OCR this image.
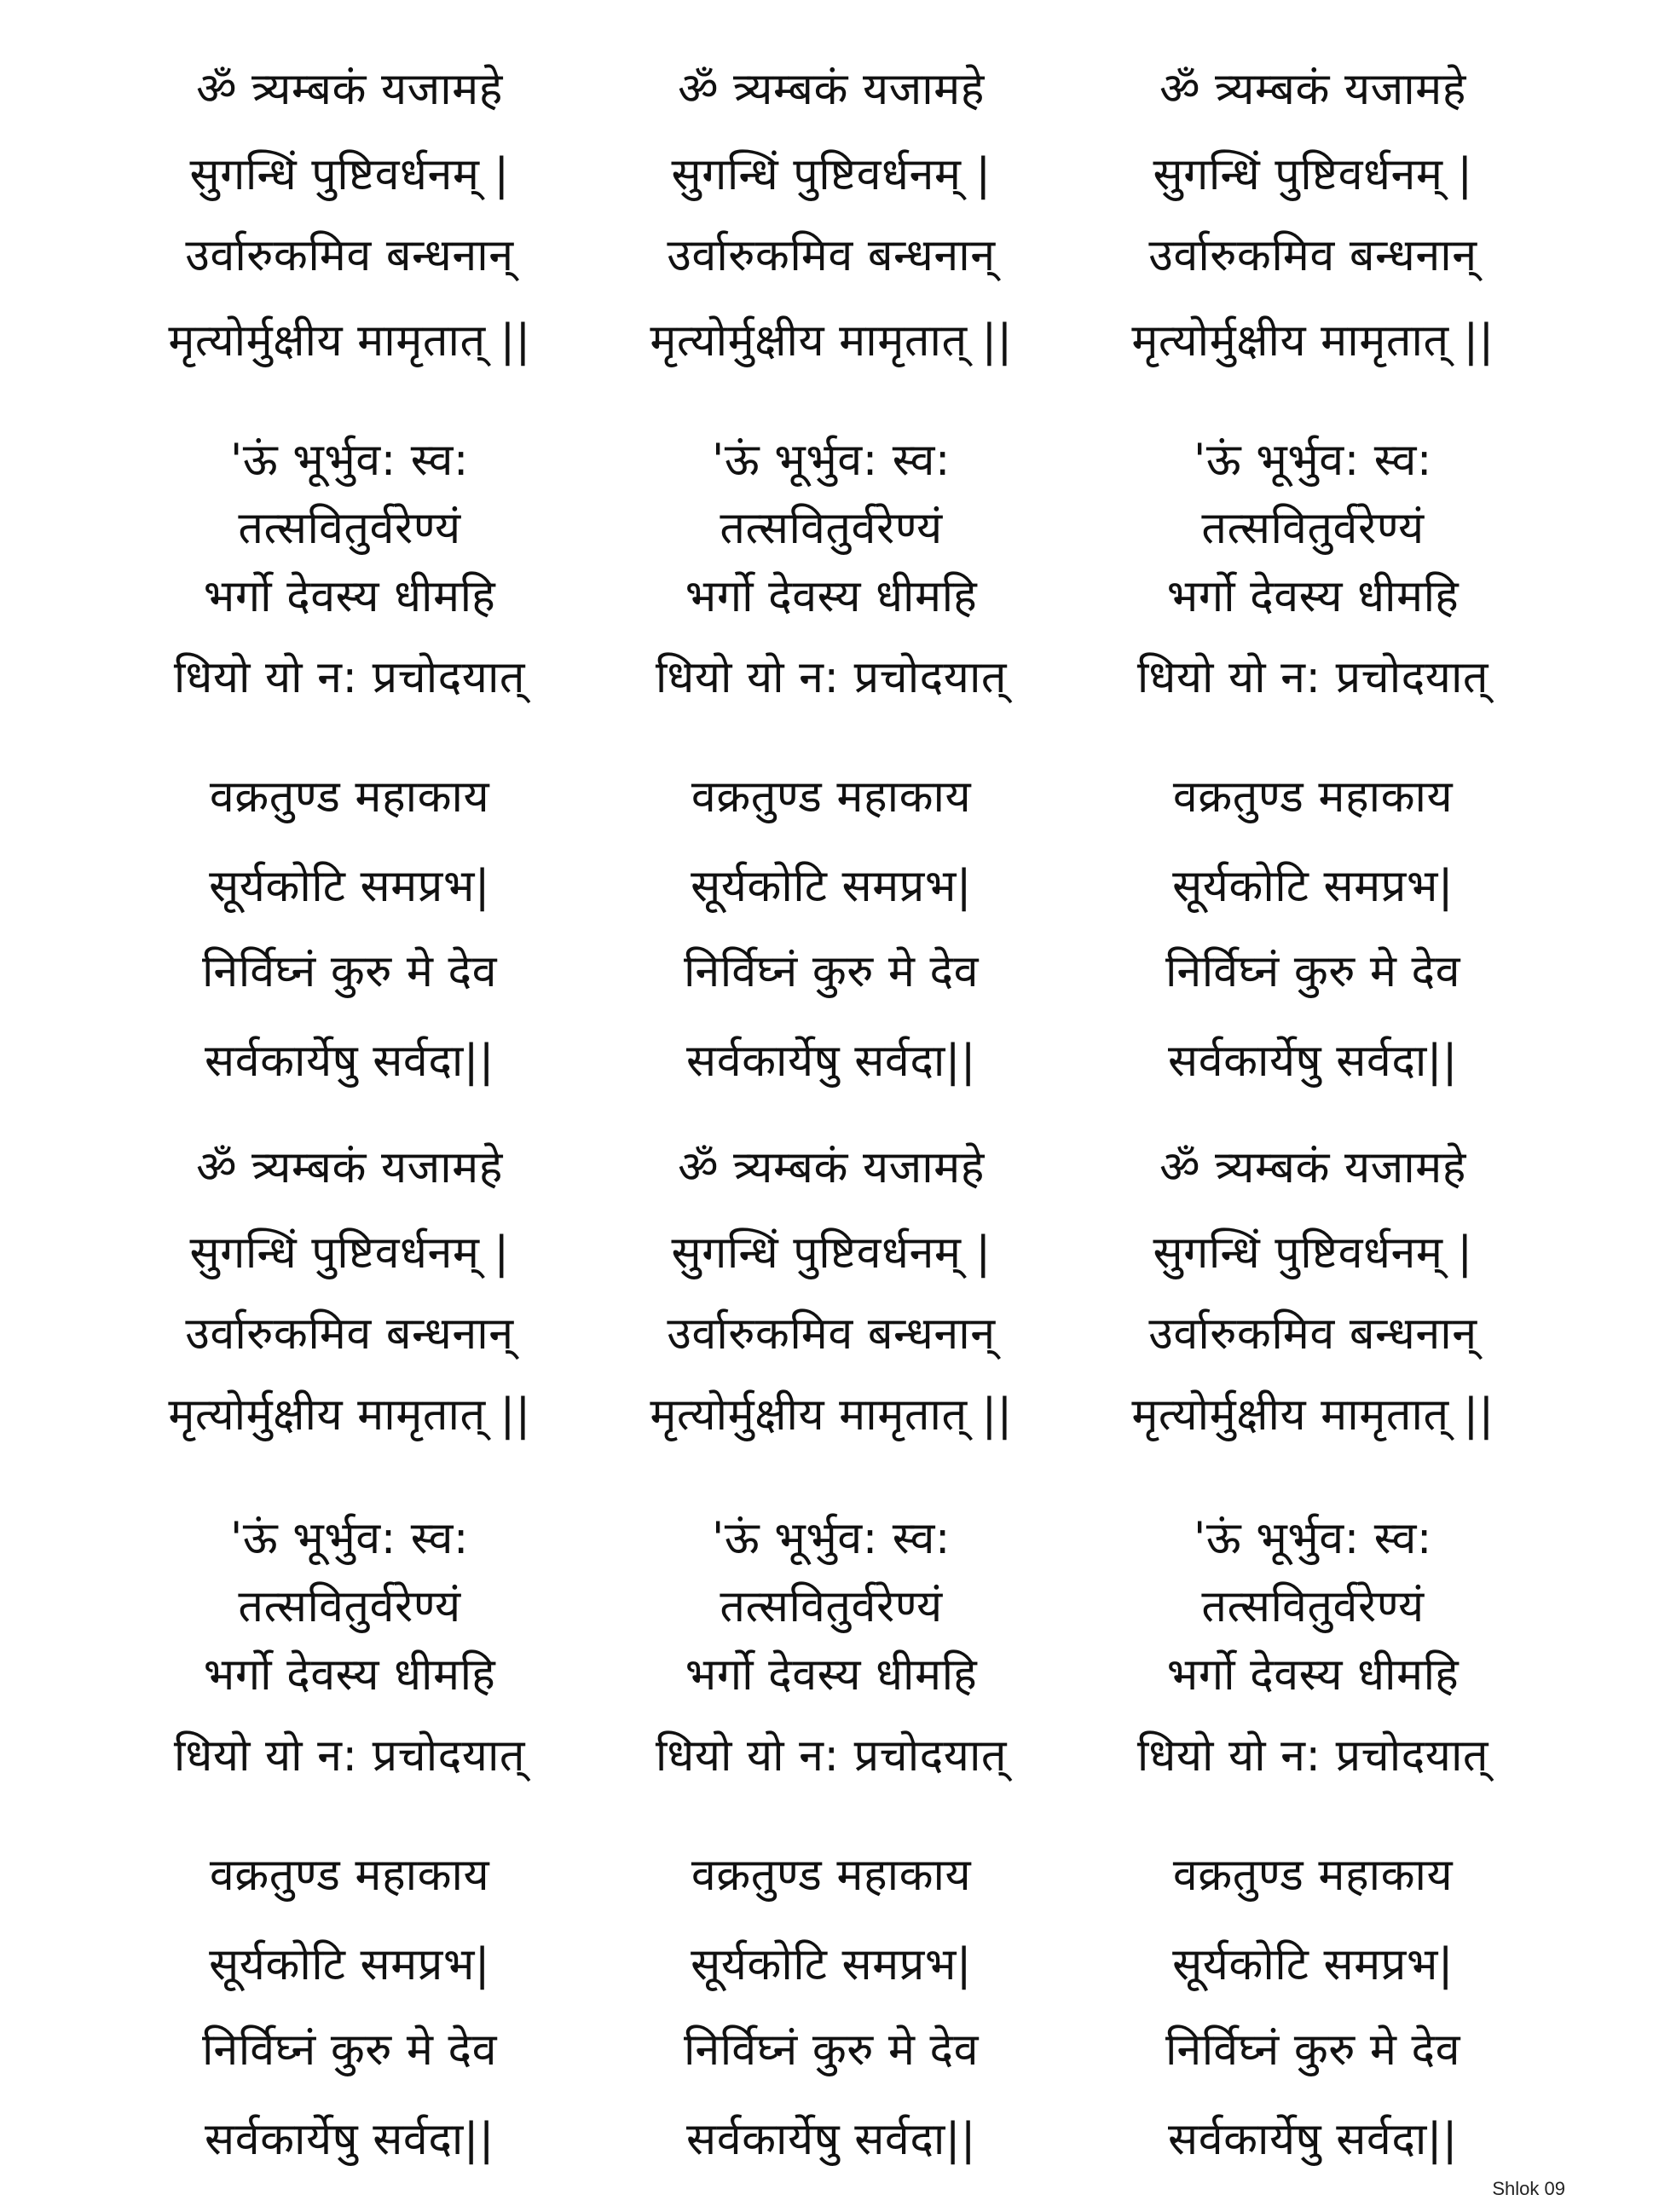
ॐ त्र्यम्बकं यजामहे
सुगन्धिं पुष्टिवर्धनम् |
उर्वारुकमिव बन्धनान्
मृत्योर्मुक्षीय मामृतात् ||
'ऊं भूर्भुव: स्व:
तत्सवितुर्वरेण्यं
भर्गो देवस्य धीमहि
धियो यो न: प्रचोदयात्
वक्रतुण्ड महाकाय
सूर्यकोटि समप्रभ|
निर्विघ्नं कुरु मे देव
सर्वकार्येषु सर्वदा||
ॐ त्र्यम्बकं यजामहे
सुगन्धिं पुष्टिवर्धनम् |
उर्वारुकमिव बन्धनान्
मृत्योर्मुक्षीय मामृतात् ||
'ऊं भूर्भुव: स्व:
तत्सवितुर्वरेण्यं
भर्गो देवस्य धीमहि
धियो यो न: प्रचोदयात्
वक्रतुण्ड महाकाय
सूर्यकोटि समप्रभ|
निर्विघ्नं कुरु मे देव
सर्वकार्येषु सर्वदा||
ॐ त्र्यम्बकं यजामहे
सुगन्धिं पुष्टिवर्धनम् |
उर्वारुकमिव बन्धनान्
मृत्योर्मुक्षीय मामृतात् ||
'ऊं भूर्भुव: स्व:
तत्सवितुर्वरेण्यं
भर्गो देवस्य धीमहि
धियो यो न: प्रचोदयात्
वक्रतुण्ड महाकाय
सूर्यकोटि समप्रभ|
निर्विघ्नं कुरु मे देव
सर्वकार्येषु सर्वदा||
ॐ त्र्यम्बकं यजामहे
सुगन्धिं पुष्टिवर्धनम् |
उर्वारुकमिव बन्धनान्
मृत्योर्मुक्षीय मामृतात् ||
'ऊं भूर्भुव: स्व:
तत्सवितुर्वरेण्यं
भर्गो देवस्य धीमहि
धियो यो न: प्रचोदयात्
वक्रतुण्ड महाकाय
सूर्यकोटि समप्रभ|
निर्विघ्नं कुरु मे देव
सर्वकार्येषु सर्वदा||
ॐ त्र्यम्बकं यजामहे
सुगन्धिं पुष्टिवर्धनम् |
उर्वारुकमिव बन्धनान्
मृत्योर्मुक्षीय मामृतात् ||
'ऊं भूर्भुव: स्व:
तत्सवितुर्वरेण्यं
भर्गो देवस्य धीमहि
धियो यो न: प्रचोदयात्
वक्रतुण्ड महाकाय
सूर्यकोटि समप्रभ|
निर्विघ्नं कुरु मे देव
सर्वकार्येषु सर्वदा||
ॐ त्र्यम्बकं यजामहे
सुगन्धिं पुष्टिवर्धनम् |
उर्वारुकमिव बन्धनान्
मृत्योर्मुक्षीय मामृतात् ||
'ऊं भूर्भुव: स्व:
तत्सवितुर्वरेण्यं
भर्गो देवस्य धीमहि
धियो यो न: प्रचोदयात्
वक्रतुण्ड महाकाय
सूर्यकोटि समप्रभ|
निर्विघ्नं कुरु मे देव
सर्वकार्येषु सर्वदा||
Shlok 09
